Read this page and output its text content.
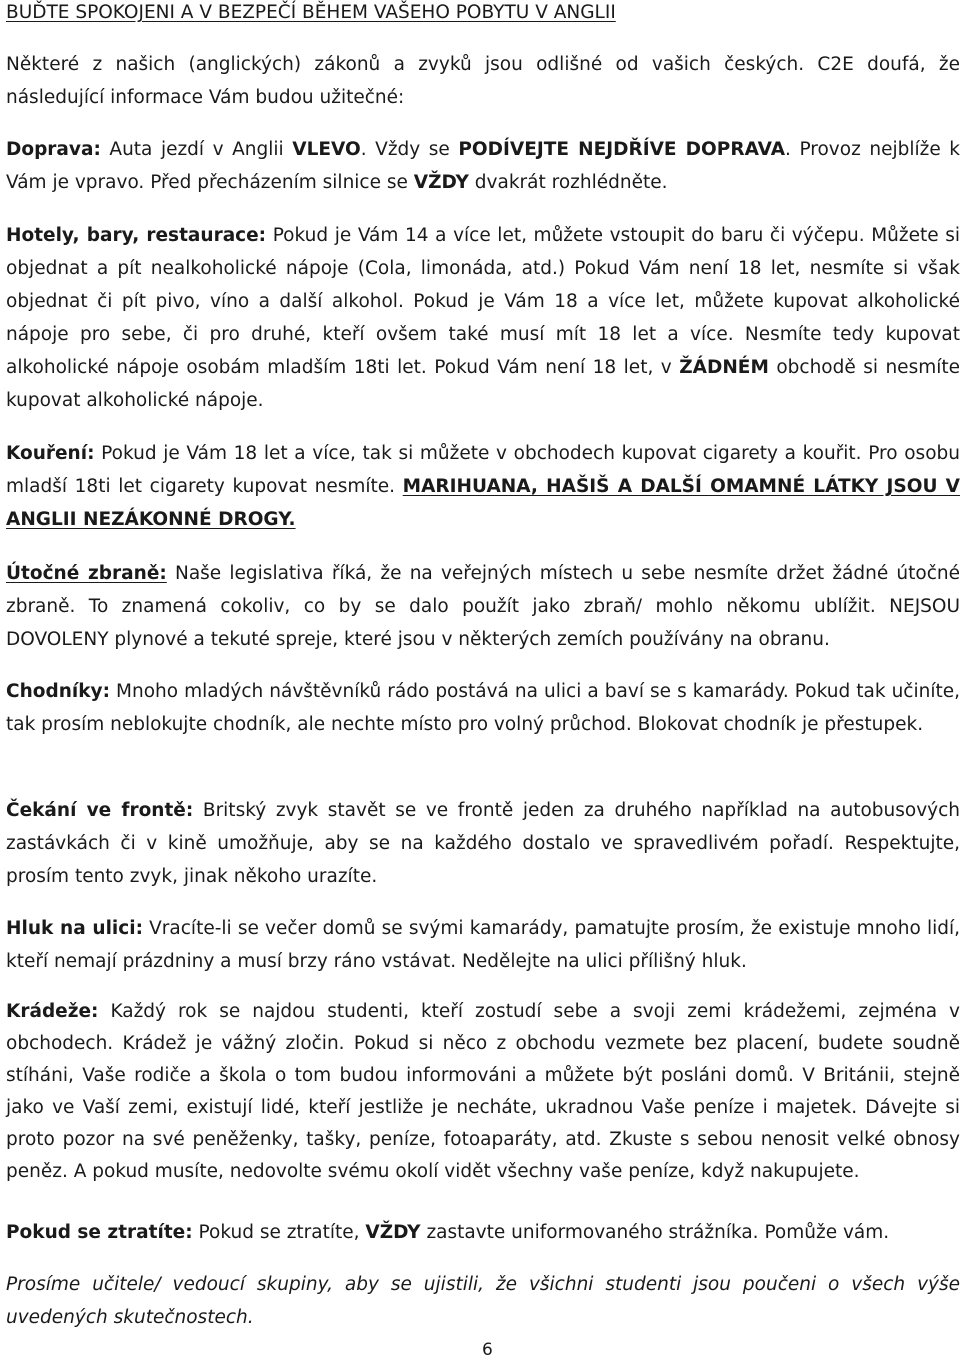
BUĎTE SPOKOJENI A V BEZPEČÍ BĚHEM VAŠEHO POBYTU V ANGLII
Některé z našich (anglických) zákonů a zvyků jsou odlišné od vašich českých. C2E doufá, že následující informace Vám budou užitečné:
Doprava: Auta jezdí v Anglii VLEVO. Vždy se PODÍVEJTE NEJDŘÍVE DOPRAVA. Provoz nejblíže k Vám je vpravo. Před přecházením silnice se VŽDY dvakrát rozhlédněte.
Hotely, bary, restaurace: Pokud je Vám 14 a více let, můžete vstoupit do baru či výčepu. Můžete si objednat a pít nealkoholické nápoje (Cola, limonáda, atd.) Pokud Vám není 18 let, nesmíte si však objednat či pít pivo, víno a další alkohol. Pokud je Vám 18 a více let, můžete kupovat alkoholické nápoje pro sebe, či pro druhé, kteří ovšem také musí mít 18 let a více. Nesmíte tedy kupovat alkoholické nápoje osobám mladším 18ti let. Pokud Vám není 18 let, v ŽÁDNÉM obchodě si nesmíte kupovat alkoholické nápoje.
Kouření: Pokud je Vám 18 let a více, tak si můžete v obchodech kupovat cigarety a kouřit. Pro osobu mladší 18ti let cigarety kupovat nesmíte. MARIHUANA, HAŠIŠ A DALŠÍ OMAMNÉ LÁTKY JSOU V ANGLII NEZÁKONNÉ DROGY.
Útočné zbraně: Naše legislativa říká, že na veřejných místech u sebe nesmíte držet žádné útočné zbraně. To znamená cokoliv, co by se dalo použít jako zbraň/ mohlo někomu ublížit. NEJSOU DOVOLENY plynové a tekuté spreje, které jsou v některých zemích používány na obranu.
Chodníky: Mnoho mladých návštěvníků rádo postává na ulici a baví se s kamarády. Pokud tak učiníte, tak prosím neblokujte chodník, ale nechte místo pro volný průchod. Blokovat chodník je přestupek.
Čekání ve frontě: Britský zvyk stavět se ve frontě jeden za druhého například na autobusových zastávkách či v kině umožňuje, aby se na každého dostalo ve spravedlivém pořadí. Respektujte, prosím tento zvyk, jinak někoho urazíte.
Hluk na ulici: Vracíte-li se večer domů se svými kamarády, pamatujte prosím, že existuje mnoho lidí, kteří nemají prázdniny a musí brzy ráno vstávat. Nedělejte na ulici přílišný hluk.
Krádeže: Každý rok se najdou studenti, kteří zostudí sebe a svoji zemi krádežemi, zejména v obchodech. Krádež je vážný zločin. Pokud si něco z obchodu vezmete bez placení, budete soudně stíháni, Vaše rodiče a škola o tom budou informováni a můžete být posláni domů. V Británii, stejně jako ve Vaší zemi, existují lidé, kteří jestliže je necháte, ukradnou Vaše peníze i majetek. Dávejte si proto pozor na své peněženky, tašky, peníze, fotoaparáty, atd. Zkuste s sebou nenosit velké obnosy peněz. A pokud musíte, nedovolte svému okolí vidět všechny vaše peníze, když nakupujete.
Pokud se ztratíte: Pokud se ztratíte, VŽDY zastavte uniformovaného strážníka. Pomůže vám.
Prosíme učitele/ vedoucí skupiny, aby se ujistili, že všichni studenti jsou poučeni o všech výše uvedených skutečnostech.
6
